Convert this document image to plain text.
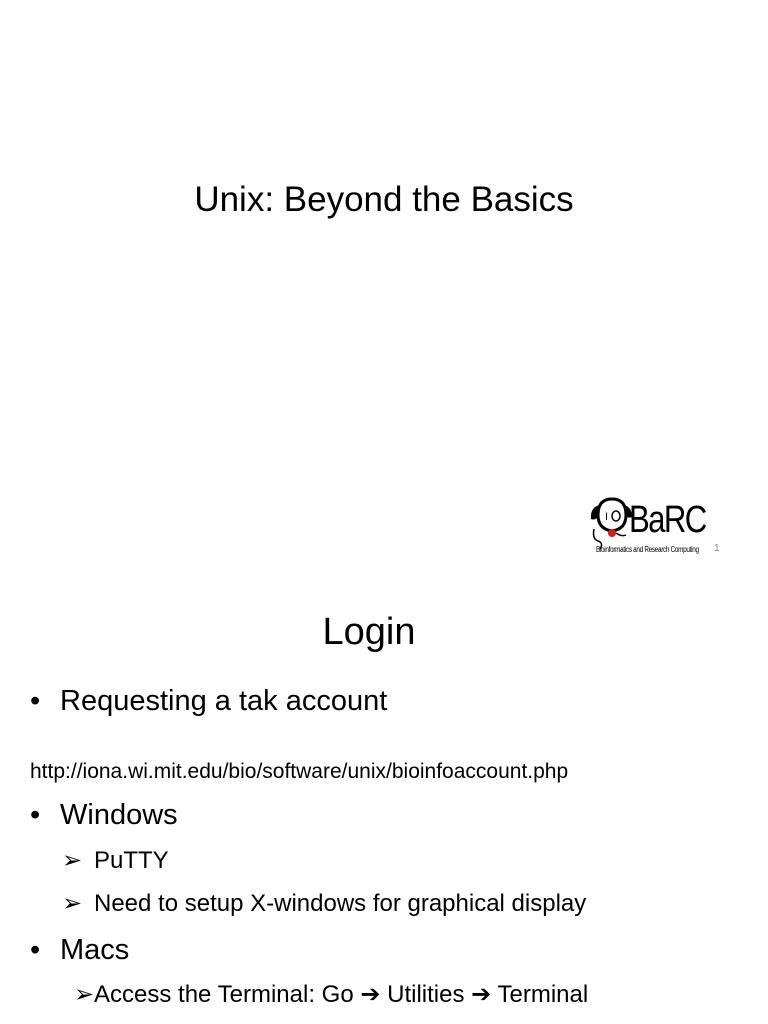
Unix: Beyond the Basics
I BaRC
Bioinformatics and Research Computing 1
Login
• Requesting a tak account
http://iona.wi.mit.edu/bio/software/unix/bioinfoaccount.php
• Windows
➢ PuTTY
➢ Need to setup X-windows for graphical display
• Macs
➢Access the Terminal: Go ➔ Utilities ➔ Terminal
